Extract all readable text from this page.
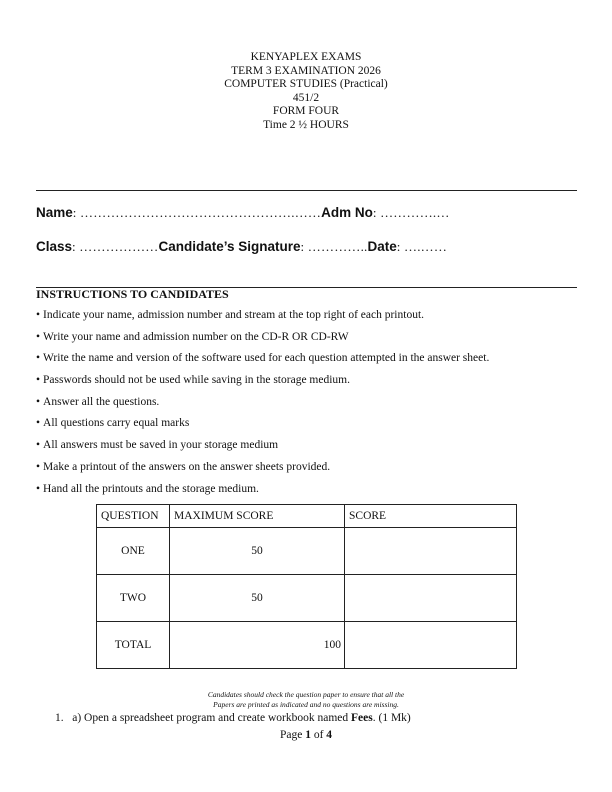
KENYAPLEX EXAMS
TERM 3 EXAMINATION 2026
COMPUTER STUDIES (Practical)
451/2
FORM FOUR
Time 2 ½ HOURS
Name: ………………………………………….……Adm No: ………….…
Class: ………………Candidate’s Signature: …………..Date: ….……
INSTRUCTIONS TO CANDIDATES
• Indicate your name, admission number and stream at the top right of each printout.
• Write your name and admission number on the CD-R OR CD-RW
• Write the name and version of the software used for each question attempted in the answer sheet.
• Passwords should not be used while saving in the storage medium.
• Answer all the questions.
• All questions carry equal marks
• All answers must be saved in your storage medium
• Make a printout of the answers on the answer sheets provided.
• Hand all the printouts and the storage medium.
QUESTION	MAXIMUM SCORE	SCORE
ONE	50	
TWO	50	
TOTAL	100	
Candidates should check the question paper to ensure that all the
Papers are printed as indicated and no questions are missing.
1. a) Open a spreadsheet program and create workbook named Fees. (1 Mk)
Page 1 of 4
